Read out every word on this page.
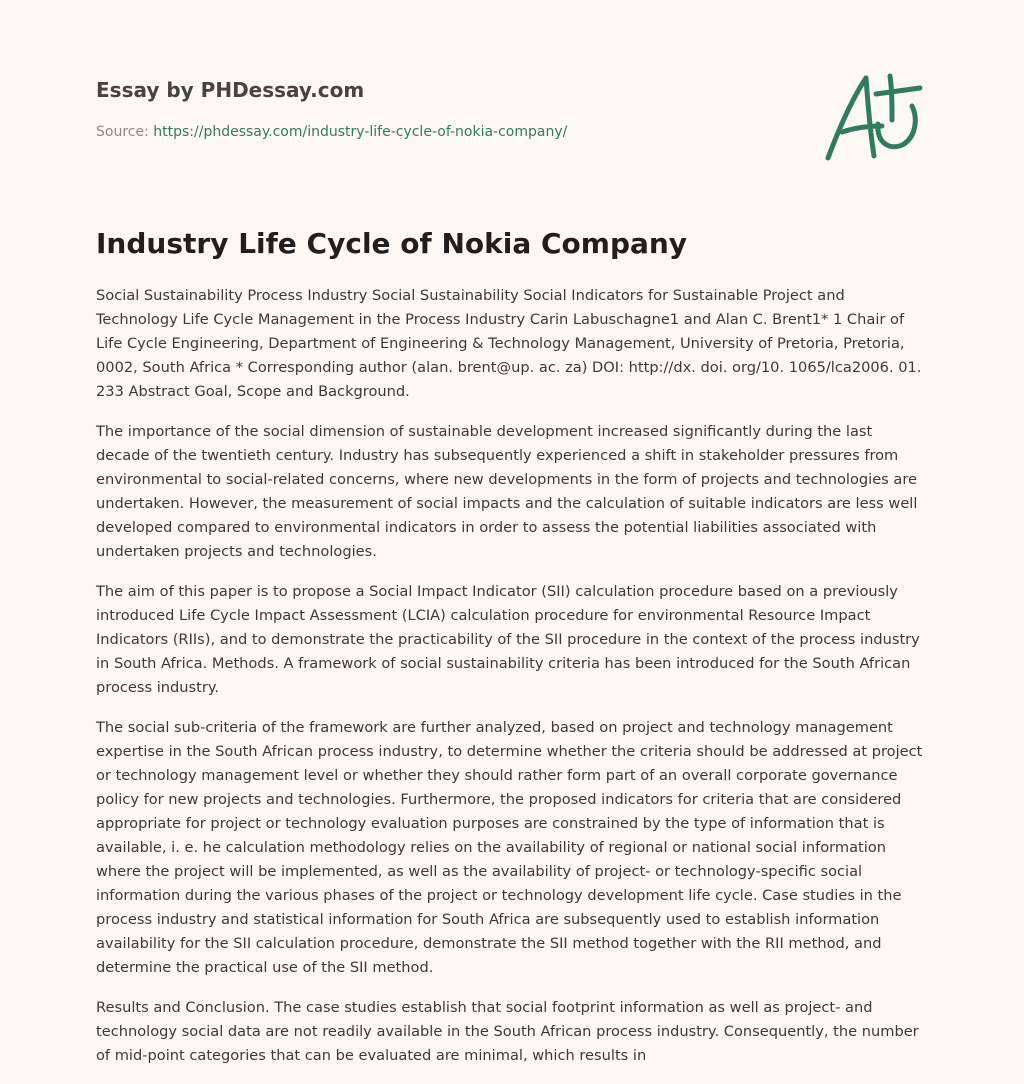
Essay by PHDessay.com

Source: https://phdessay.com/industry-life-cycle-of-nokia-company/
Industry Life Cycle of Nokia Company

Social Sustainability Process Industry Social Sustainability Social Indicators for Sustainable Project and Technology Life Cycle Management in the Process Industry Carin Labuschagne1 and Alan C. Brent1* 1 Chair of Life Cycle Engineering, Department of Engineering & Technology Management, University of Pretoria, Pretoria, 0002, South Africa * Corresponding author (alan. brent@up. ac. za) DOI: http://dx. doi. org/10. 1065/lca2006. 01. 233 Abstract Goal, Scope and Background.

The importance of the social dimension of sustainable development increased significantly during the last decade of the twentieth century. Industry has subsequently experienced a shift in stakeholder pressures from environmental to social-related concerns, where new developments in the form of projects and technologies are undertaken. However, the measurement of social impacts and the calculation of suitable indicators are less well developed compared to environmental indicators in order to assess the potential liabilities associated with undertaken projects and technologies.

The aim of this paper is to propose a Social Impact Indicator (SII) calculation procedure based on a previously introduced Life Cycle Impact Assessment (LCIA) calculation procedure for environmental Resource Impact Indicators (RIIs), and to demonstrate the practicability of the SII procedure in the context of the process industry in South Africa. Methods. A framework of social sustainability criteria has been introduced for the South African process industry.

The social sub-criteria of the framework are further analyzed, based on project and technology management expertise in the South African process industry, to determine whether the criteria should be addressed at project or technology management level or whether they should rather form part of an overall corporate governance policy for new projects and technologies. Furthermore, the proposed indicators for criteria that are considered appropriate for project or technology evaluation purposes are constrained by the type of information that is available, i. e. he calculation methodology relies on the availability of regional or national social information where the project will be implemented, as well as the availability of project- or technology-specific social information during the various phases of the project or technology development life cycle. Case studies in the process industry and statistical information for South Africa are subsequently used to establish information availability for the SII calculation procedure, demonstrate the SII method together with the RII method, and determine the practical use of the SII method.

Results and Conclusion. The case studies establish that social footprint information as well as project- and technology social data are not readily available in the South African process industry. Consequently, the number of mid-point categories that can be evaluated are minimal, which results in
